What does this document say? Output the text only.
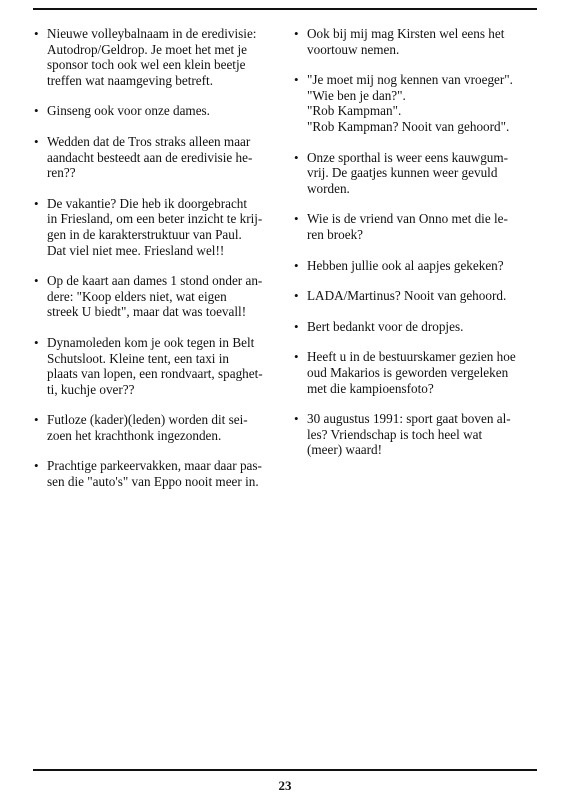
• Nieuwe volleybalnaam in de eredivisie:
Autodrop/Geldrop. Je moet het met je
sponsor toch ook wel een klein beetje
treffen wat naamgeving betreft.
• Ginseng ook voor onze dames.
• Wedden dat de Tros straks alleen maar
aandacht besteedt aan de eredivisie he-
ren??
• De vakantie? Die heb ik doorgebracht
in Friesland, om een beter inzicht te krij-
gen in de karakterstruktuur van Paul.
Dat viel niet mee. Friesland wel!!
• Op de kaart aan dames 1 stond onder an-
dere: "Koop elders niet, wat eigen
streek U biedt", maar dat was toevall!
• Dynamoleden kom je ook tegen in Belt
Schutsloot. Kleine tent, een taxi in
plaats van lopen, een rondvaart, spaghet-
ti, kuchje over??
• Futloze (kader)(leden) worden dit sei-
zoen het krachthonk ingezonden.
• Prachtige parkeervakken, maar daar pas-
sen die "auto's" van Eppo nooit meer in.
• Ook bij mij mag Kirsten wel eens het
voortouw nemen.
• "Je moet mij nog kennen van vroeger".
"Wie ben je dan?".
"Rob Kampman".
"Rob Kampman? Nooit van gehoord".
• Onze sporthal is weer eens kauwgum-
vrij. De gaatjes kunnen weer gevuld
worden.
• Wie is de vriend van Onno met die le-
ren broek?
• Hebben jullie ook al aapjes gekeken?
• LADA/Martinus? Nooit van gehoord.
• Bert bedankt voor de dropjes.
• Heeft u in de bestuurskamer gezien hoe
oud Makarios is geworden vergeleken
met die kampioensfoto?
• 30 augustus 1991: sport gaat boven al-
les? Vriendschap is toch heel wat
(meer) waard!
23
